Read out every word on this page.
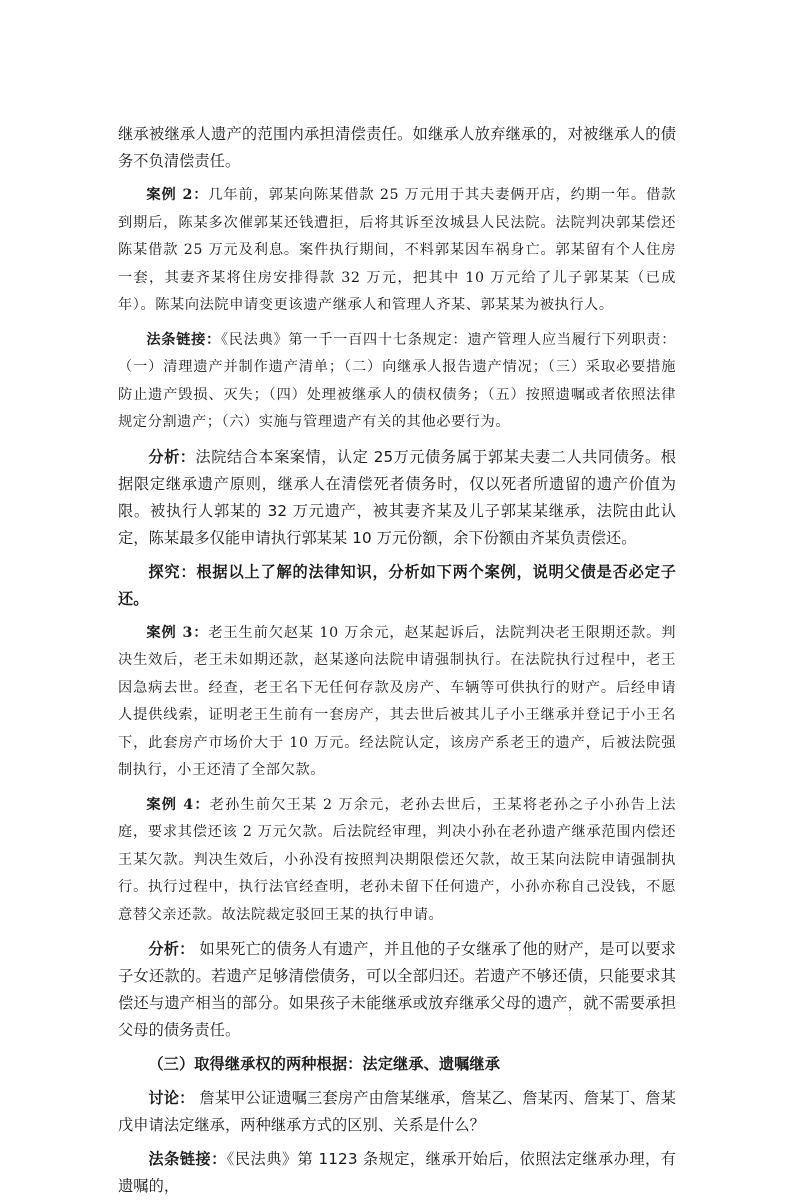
继承被继承人遗产的范围内承担清偿责任。如继承人放弃继承的，对被继承人的债务不负清偿责任。

案例 2：几年前，郭某向陈某借款 25 万元用于其夫妻俩开店，约期一年。借款到期后，陈某多次催郭某还钱遭拒，后将其诉至汝城县人民法院。法院判决郭某偿还陈某借款 25 万元及利息。案件执行期间，不料郭某因车祸身亡。郭某留有个人住房一套，其妻齐某将住房安排得款 32 万元，把其中 10 万元给了儿子郭某某（已成年）。陈某向法院申请变更该遗产继承人和管理人齐某、郭某某为被执行人。

法条链接：《民法典》第一千一百四十七条规定：遗产管理人应当履行下列职责：（一）清理遗产并制作遗产清单；（二）向继承人报告遗产情况；（三）采取必要措施防止遗产毁损、灭失；（四）处理被继承人的债权债务；（五）按照遗嘱或者依照法律规定分割遗产；（六）实施与管理遗产有关的其他必要行为。

分析：法院结合本案案情，认定 25万元债务属于郭某夫妻二人共同债务。根据限定继承遗产原则，继承人在清偿死者债务时，仅以死者所遗留的遗产价值为限。被执行人郭某的 32 万元遗产，被其妻齐某及儿子郭某某继承，法院由此认定，陈某最多仅能申请执行郭某某 10 万元份额，余下份额由齐某负责偿还。

探究：根据以上了解的法律知识，分析如下两个案例，说明父债是否必定子还。

案例 3：老王生前欠赵某 10 万余元，赵某起诉后，法院判决老王限期还款。判决生效后，老王未如期还款，赵某遂向法院申请强制执行。在法院执行过程中，老王因急病去世。经查，老王名下无任何存款及房产、车辆等可供执行的财产。后经申请人提供线索，证明老王生前有一套房产，其去世后被其儿子小王继承并登记于小王名下，此套房产市场价大于 10 万元。经法院认定，该房产系老王的遗产，后被法院强制执行，小王还清了全部欠款。

案例 4：老孙生前欠王某 2 万余元，老孙去世后，王某将老孙之子小孙告上法庭，要求其偿还该 2 万元欠款。后法院经审理，判决小孙在老孙遗产继承范围内偿还王某欠款。判决生效后，小孙没有按照判决期限偿还欠款，故王某向法院申请强制执行。执行过程中，执行法官经查明，老孙未留下任何遗产，小孙亦称自己没钱，不愿意替父亲还款。故法院裁定驳回王某的执行申请。

分析： 如果死亡的债务人有遗产，并且他的子女继承了他的财产，是可以要求子女还款的。若遗产足够清偿债务，可以全部归还。若遗产不够还债，只能要求其偿还与遗产相当的部分。如果孩子未能继承或放弃继承父母的遗产，就不需要承担父母的债务责任。

（三）取得继承权的两种根据：法定继承、遗嘱继承

讨论： 詹某甲公证遗嘱三套房产由詹某继承，詹某乙、詹某丙、詹某丁、詹某戊申请法定继承，两种继承方式的区别、关系是什么？

法条链接：《民法典》第 1123 条规定，继承开始后，依照法定继承办理，有遗嘱的，
